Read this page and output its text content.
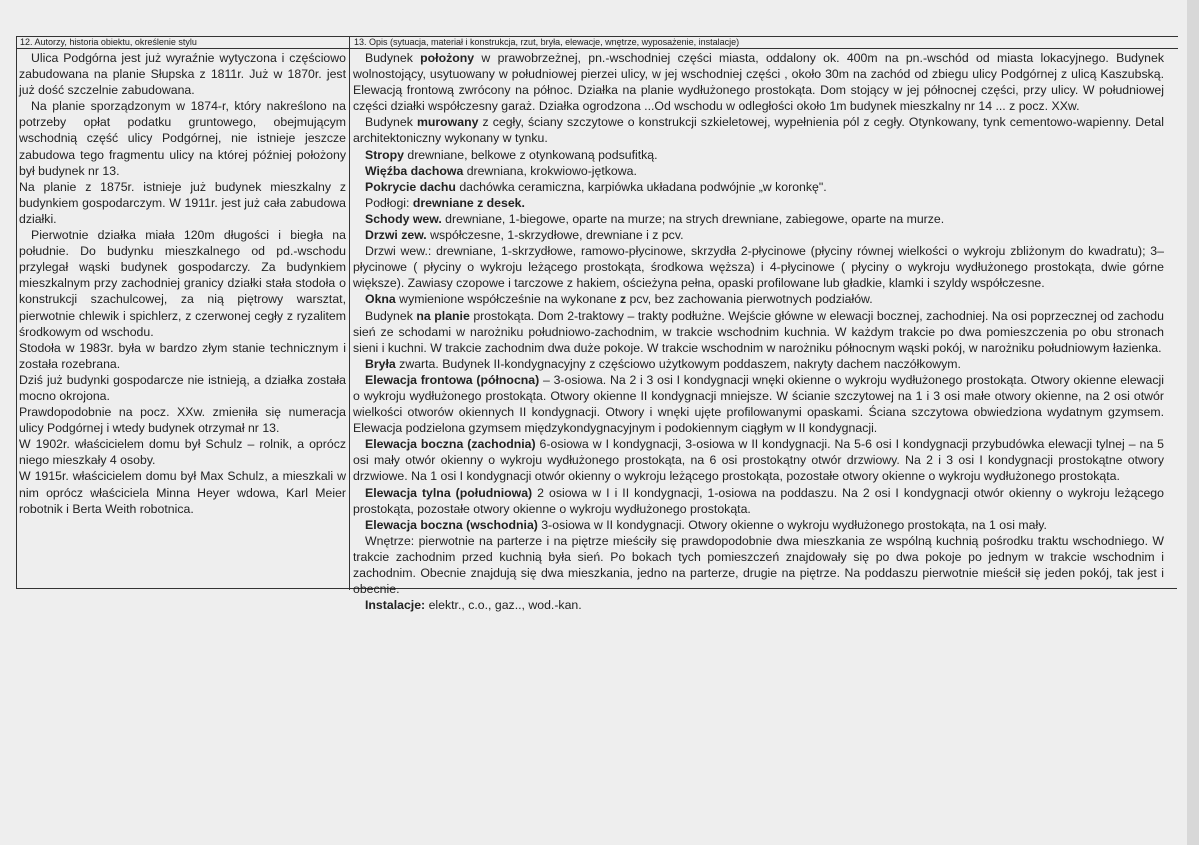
12. Autorzy, historia obiektu, określenie stylu	13. Opis (sytuacja, materiał i konstrukcja, rzut, bryła, elewacje, wnętrze, wyposażenie, instalacje)

Ulica Podgórna jest już wyraźnie wytyczona i częściowo zabudowana na planie Słupska z 1811r. Już w 1870r. jest już dość szczelnie zabudowana.

Na planie sporządzonym w 1874-r, który nakreślono na potrzeby opłat podatku gruntowego, obejmującym wschodnią część ulicy Podgórnej, nie istnieje jeszcze zabudowa tego fragmentu ulicy na której później położony był budynek nr 13.

Na planie z 1875r. istnieje już budynek mieszkalny z budynkiem gospodarczym. W 1911r. jest już cała zabudowa działki.

Pierwotnie działka miała 120m długości i biegła na południe. Do budynku mieszkalnego od pd.-wschodu przylegał wąski budynek gospodarczy. Za budynkiem mieszkalnym przy zachodniej granicy działki stała stodoła o konstrukcji szachulcowej, za nią piętrowy warsztat, pierwotnie chlewik i spichlerz, z czerwonej cegły z ryzalitem środkowym od wschodu.

Stodoła w 1983r. była w bardzo złym stanie technicznym i została rozebrana.

Dziś już budynki gospodarcze nie istnieją, a działka została mocno okrojona.

Prawdopodobnie na pocz. XXw. zmieniła się numeracja ulicy Podgórnej i wtedy budynek otrzymał nr 13.

W 1902r. właścicielem domu był Schulz – rolnik, a oprócz niego mieszkały 4 osoby.

W 1915r. właścicielem domu był Max Schulz, a mieszkali w nim oprócz właściciela Minna Heyer wdowa, Karl Meier robotnik i Berta Weith robotnica.

Budynek położony w prawobrzeżnej, pn.-wschodniej części miasta, oddalony ok. 400m na pn.-wschód od miasta lokacyjnego. Budynek wolnostojący, usytuowany w południowej pierzei ulicy, w jej wschodniej części , około 30m na zachód od zbiegu ulicy Podgórnej z ulicą Kaszubską. Elewacją frontową zwrócony na północ. Działka na planie wydłużonego prostokąta. Dom stojący w jej północnej części, przy ulicy. W południowej części działki współczesny garaż. Działka ogrodzona ...Od wschodu w odległości około 1m budynek mieszkalny nr 14 ... z pocz. XXw.

Budynek murowany z cegły, ściany szczytowe o konstrukcji szkieletowej, wypełnienia pól z cegły. Otynkowany, tynk cementowo-wapienny. Detal architektoniczny wykonany w tynku.

Stropy drewniane, belkowe z otynkowaną podsufitką.

Więźba dachowa drewniana, krokwiowo-jętkowa.

Pokrycie dachu dachówka ceramiczna, karpiówka układana podwójnie „w koronkę".

Podłogi: drewniane z desek.

Schody wew. drewniane, 1-biegowe, oparte na murze; na strych drewniane, zabiegowe, oparte na murze.

Drzwi zew. współczesne, 1-skrzydłowe, drewniane i z pcv.

Drzwi wew.: drewniane, 1-skrzydłowe, ramowo-płycinowe, skrzydła 2-płycinowe (płyciny równej wielkości o wykroju zbliżonym do kwadratu); 3–płycinowe ( płyciny o wykroju leżącego prostokąta, środkowa węższa) i 4-płycinowe ( płyciny o wykroju wydłużonego prostokąta, dwie górne większe). Zawiasy czopowe i tarczowe z hakiem, ościeżyna pełna, opaski profilowane lub gładkie, klamki i szyldy współczesne.

Okna wymienione współcześnie na wykonane z pcv, bez zachowania pierwotnych podziałów.

Budynek na planie prostokąta. Dom 2-traktowy – trakty podłużne. Wejście główne w elewacji bocznej, zachodniej. Na osi poprzecznej od zachodu sień ze schodami w narożniku południowo-zachodnim, w trakcie wschodnim kuchnia. W każdym trakcie po dwa pomieszczenia po obu stronach sieni i kuchni. W trakcie zachodnim dwa duże pokoje. W trakcie wschodnim w narożniku północnym wąski pokój, w narożniku południowym łazienka.

Bryła zwarta. Budynek II-kondygnacyjny z częściowo użytkowym poddaszem, nakryty dachem naczółkowym.

Elewacja frontowa (północna) – 3-osiowa. Na 2 i 3 osi I kondygnacji wnęki okienne o wykroju wydłużonego prostokąta. Otwory okienne elewacji o wykroju wydłużonego prostokąta. Otwory okienne II kondygnacji mniejsze. W ścianie szczytowej na 1 i 3 osi małe otwory okienne, na 2 osi otwór wielkości otworów okiennych II kondygnacji. Otwory i wnęki ujęte profilowanymi opaskami. Ściana szczytowa obwiedziona wydatnym gzymsem. Elewacja podzielona gzymsem międzykondygnacyjnym i podokiennym ciągłym w II kondygnacji.

Elewacja boczna (zachodnia) 6-osiowa w I kondygnacji, 3-osiowa w II kondygnacji. Na 5-6 osi I kondygnacji przybudówka elewacji tylnej – na 5 osi mały otwór okienny o wykroju wydłużonego prostokąta, na 6 osi prostokątny otwór drzwiowy. Na 2 i 3 osi I kondygnacji prostokątne otwory drzwiowe. Na 1 osi I kondygnacji otwór okienny o wykroju leżącego prostokąta, pozostałe otwory okienne o wykroju wydłużonego prostokąta.

Elewacja tylna (południowa) 2 osiowa w I i II kondygnacji, 1-osiowa na poddaszu. Na 2 osi I kondygnacji otwór okienny o wykroju leżącego prostokąta, pozostałe otwory okienne o wykroju wydłużonego prostokąta.

Elewacja boczna (wschodnia) 3-osiowa w II kondygnacji. Otwory okienne o wykroju wydłużonego prostokąta, na 1 osi mały.

Wnętrze: pierwotnie na parterze i na piętrze mieściły się prawdopodobnie dwa mieszkania ze wspólną kuchnią pośrodku traktu wschodniego. W trakcie zachodnim przed kuchnią była sień. Po bokach tych pomieszczeń znajdowały się po dwa pokoje po jednym w trakcie wschodnim i zachodnim. Obecnie znajdują się dwa mieszkania, jedno na parterze, drugie na piętrze. Na poddaszu pierwotnie mieścił się jeden pokój, tak jest i obecnie.

Instalacje: elektr., c.o., gaz.., wod.-kan.
